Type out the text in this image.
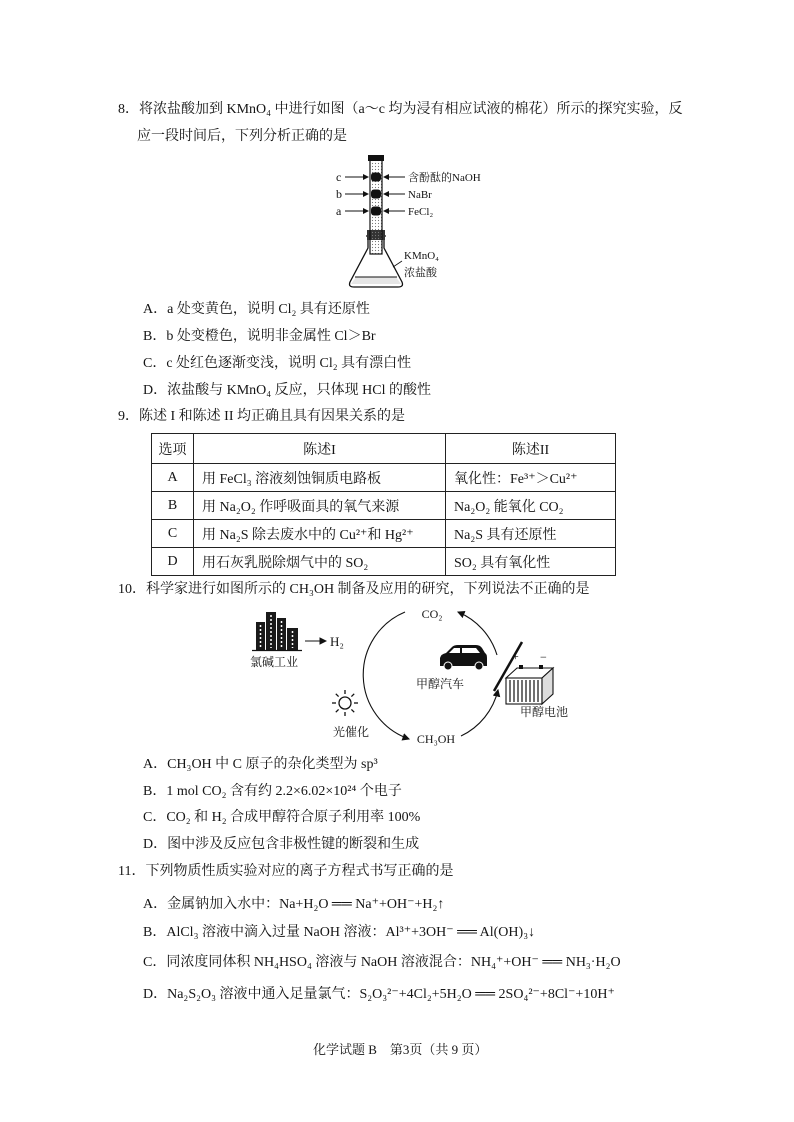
8．将浓盐酸加到 KMnO₄ 中进行如图（a～c 均为浸有相应试液的棉花）所示的探究实验，反
应一段时间后，下列分析正确的是
c
b
a
含酚酞的NaOH
NaBr
FeCl₂
KMnO₄
浓盐酸
A．a 处变黄色，说明 Cl₂ 具有还原性
B．b 处变橙色，说明非金属性 Cl＞Br
C．c 处红色逐渐变浅，说明 Cl₂ 具有漂白性
D．浓盐酸与 KMnO₄ 反应，只体现 HCl 的酸性
9．陈述 I 和陈述 II 均正确且具有因果关系的是
选项	陈述I	陈述II
A	用 FeCl₃ 溶液刻蚀铜质电路板	氧化性：Fe³⁺＞Cu²⁺
B	用 Na₂O₂ 作呼吸面具的氧气来源	Na₂O₂ 能氧化 CO₂
C	用 Na₂S 除去废水中的 Cu²⁺和 Hg²⁺	Na₂S 具有还原性
D	用石灰乳脱除烟气中的 SO₂	SO₂ 具有氧化性
10．科学家进行如图所示的 CH₃OH 制备及应用的研究，下列说法不正确的是
氯碱工业
H₂
CO₂
CH₃OH
甲醇汽车
+ −
甲醇电池
光催化
A．CH₃OH 中 C 原子的杂化类型为 sp³
B．1 mol CO₂ 含有约 2.2×6.02×10²⁴ 个电子
C．CO₂ 和 H₂ 合成甲醇符合原子利用率 100%
D．图中涉及反应包含非极性键的断裂和生成
11．下列物质性质实验对应的离子方程式书写正确的是
A．金属钠加入水中：Na+H₂O ══ Na⁺+OH⁻+H₂↑
B．AlCl₃ 溶液中滴入过量 NaOH 溶液：Al³⁺+3OH⁻ ══ Al(OH)₃↓
C．同浓度同体积 NH₄HSO₄ 溶液与 NaOH 溶液混合：NH₄⁺+OH⁻ ══ NH₃·H₂O
D．Na₂S₂O₃ 溶液中通入足量氯气：S₂O₃²⁻+4Cl₂+5H₂O ══ 2SO₄²⁻+8Cl⁻+10H⁺
化学试题 B　第3页（共 9 页）
